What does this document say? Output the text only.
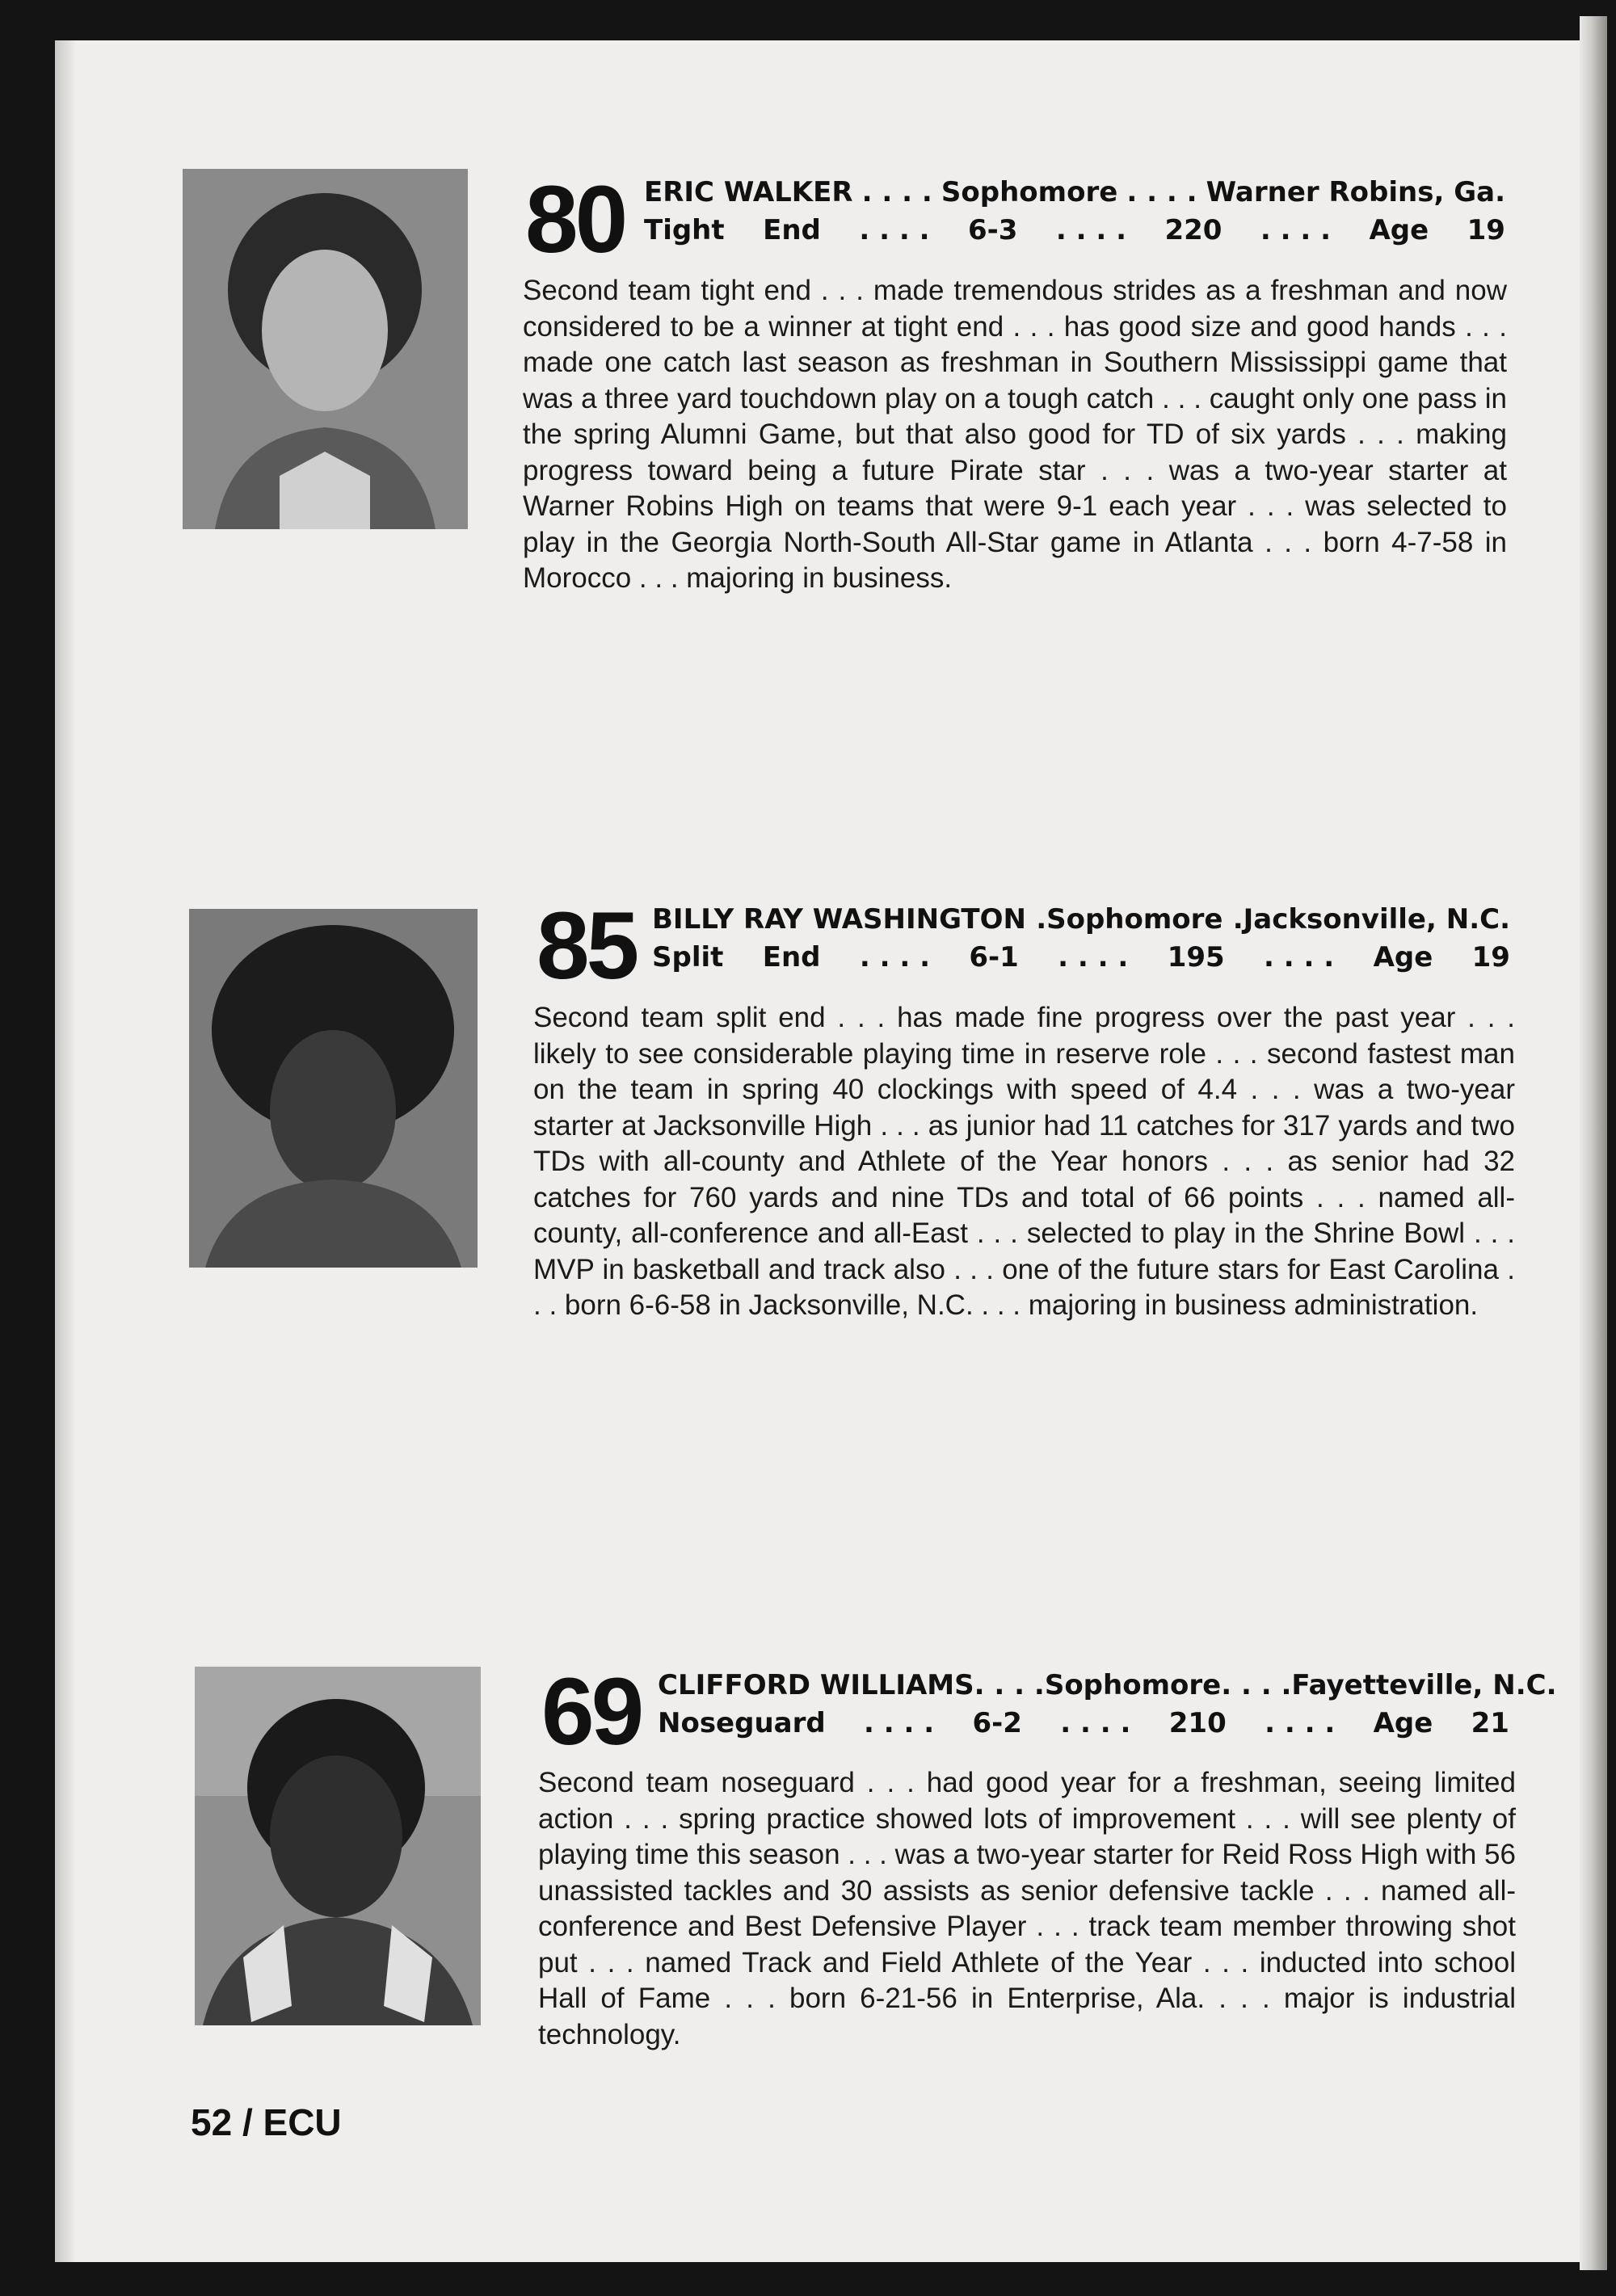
80 ERIC WALKER . . . . Sophomore . . . . Warner Robins, Ga.
Tight End . . . . 6-3 . . . . 220 . . . . Age 19
Second team tight end . . . made tremendous strides as a freshman and now considered to be a winner at tight end . . . has good size and good hands . . . made one catch last season as freshman in Southern Mississippi game that was a three yard touchdown play on a tough catch . . . caught only one pass in the spring Alumni Game, but that also good for TD of six yards . . . making progress toward being a future Pirate star . . . was a two-year starter at Warner Robins High on teams that were 9-1 each year . . . was selected to play in the Georgia North-South All-Star game in Atlanta . . . born 4-7-58 in Morocco . . . majoring in business.
85 BILLY RAY WASHINGTON .Sophomore .Jacksonville, N.C.
Split End . . . . 6-1 . . . . 195 . . . . Age 19
Second team split end . . . has made fine progress over the past year . . . likely to see considerable playing time in reserve role . . . second fastest man on the team in spring 40 clockings with speed of 4.4 . . . was a two-year starter at Jacksonville High . . . as junior had 11 catches for 317 yards and two TDs with all-county and Athlete of the Year honors . . . as senior had 32 catches for 760 yards and nine TDs and total of 66 points . . . named all-county, all-conference and all-East . . . selected to play in the Shrine Bowl . . . MVP in basketball and track also . . . one of the future stars for East Carolina . . . born 6-6-58 in Jacksonville, N.C. . . . majoring in business administration.
69 CLIFFORD WILLIAMS . . . . Sophomore . . . . Fayetteville, N.C.
Noseguard . . . . 6-2 . . . . 210 . . . . Age 21
Second team noseguard . . . had good year for a freshman, seeing limited action . . . spring practice showed lots of improvement . . . will see plenty of playing time this season . . . was a two-year starter for Reid Ross High with 56 unassisted tackles and 30 assists as senior defensive tackle . . . named all-conference and Best Defensive Player . . . track team member throwing shot put . . . named Track and Field Athlete of the Year . . . inducted into school Hall of Fame . . . born 6-21-56 in Enterprise, Ala. . . . major is industrial technology.
52 / ECU
